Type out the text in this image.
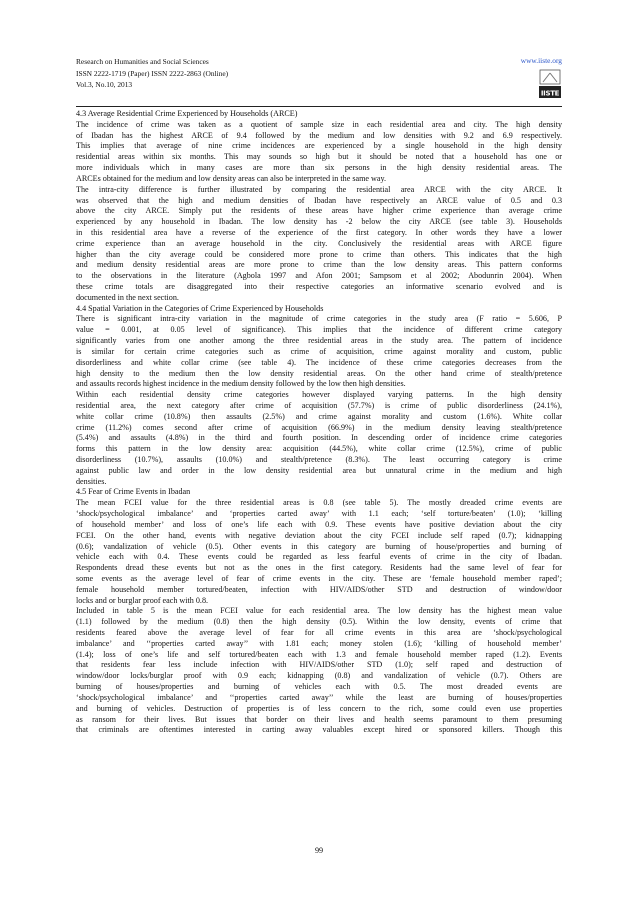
Research on Humanities and Social Sciences
ISSN 2222-1719 (Paper) ISSN 2222-2863 (Online)
Vol.3, No.10, 2013
www.iiste.org
IISTE
4.3 Average Residential Crime Experienced by Households (ARCE)
The incidence of crime was taken as a quotient of sample size in each residential area and city. The high density
of Ibadan has the highest ARCE of 9.4 followed by the medium and low densities with 9.2 and 6.9 respectively.
This implies that average of nine crime incidences are experienced by a single household in the high density
residential areas within six months. This may sounds so high but it should be noted that a household has one or
more individuals which in many cases are more than six persons in the high density residential areas. The
ARCEs obtained for the medium and low density areas can also be interpreted in the same way.
The intra-city difference is further illustrated by comparing the residential area ARCE with the city ARCE. It
was observed that the high and medium densities of Ibadan have respectively an ARCE value of 0.5 and 0.3
above the city ARCE. Simply put the residents of these areas have higher crime experience than average crime
experienced by any household in Ibadan. The low density has -2 below the city ARCE (see table 3). Households
in this residential area have a reverse of the experience of the first category. In other words they have a lower
crime experience than an average household in the city. Conclusively the residential areas with ARCE figure
higher than the city average could be considered more prone to crime than others. This indicates that the high
and medium density residential areas are more prone to crime than the low density areas. This pattern conforms
to the observations in the literature (Agbola 1997 and Afon 2001; Sampsom et al 2002; Abodunrin 2004). When
these crime totals are disaggregated into their respective categories an informative scenario evolved and is
documented in the next section.
4.4 Spatial Variation in the Categories of Crime Experienced by Households
There is significant intra-city variation in the magnitude of crime categories in the study area (F ratio = 5.606, P
value = 0.001, at 0.05 level of significance). This implies that the incidence of different crime category
significantly varies from one another among the three residential areas in the study area. The pattern of incidence
is similar for certain crime categories such as crime of acquisition, crime against morality and custom, public
disorderliness and white collar crime (see table 4). The incidence of these crime categories decreases from the
high density to the medium then the low density residential areas. On the other hand crime of stealth/pretence
and assaults records highest incidence in the medium density followed by the low then high densities.
Within each residential density crime categories however displayed varying patterns. In the high density
residential area, the next category after crime of acquisition (57.7%) is crime of public disorderliness (24.1%),
white collar crime (10.8%) then assaults (2.5%) and crime against morality and custom (1.6%). White collar
crime (11.2%) comes second after crime of acquisition (66.9%) in the medium density leaving stealth/pretence
(5.4%) and assaults (4.8%) in the third and fourth position. In descending order of incidence crime categories
forms this pattern in the low density area: acquisition (44.5%), white collar crime (12.5%), crime of public
disorderliness (10.7%), assaults (10.0%) and stealth/pretence (8.3%). The least occurring category is crime
against public law and order in the low density residential area but unnatural crime in the medium and high
densities.
4.5 Fear of Crime Events in Ibadan
The mean FCEI value for the three residential areas is 0.8 (see table 5). The mostly dreaded crime events are
‘shock/psychological imbalance’ and ‘properties carted away’ with 1.1 each; ‘self torture/beaten’ (1.0); ‘killing
of household member’ and loss of one’s life each with 0.9. These events have positive deviation about the city
FCEI. On the other hand, events with negative deviation about the city FCEI include self raped (0.7); kidnapping
(0.6); vandalization of vehicle (0.5). Other events in this category are burning of house/properties and burning of
vehicle each with 0.4. These events could be regarded as less fearful events of crime in the city of Ibadan.
Respondents dread these events but not as the ones in the first category. Residents had the same level of fear for
some events as the average level of fear of crime events in the city. These are ‘female household member raped’;
female household member tortured/beaten, infection with HIV/AIDS/other STD and destruction of window/door
locks and or burglar proof each with 0.8.
Included in table 5 is the mean FCEI value for each residential area. The low density has the highest mean value
(1.1) followed by the medium (0.8) then the high density (0.5). Within the low density, events of crime that
residents feared above the average level of fear for all crime events in this area are ‘shock/psychological
imbalance’ and ‘‘properties carted away’’ with 1.81 each; money stolen (1.6); ‘killing of household member’
(1.4); loss of one’s life and self tortured/beaten each with 1.3 and female household member raped (1.2). Events
that residents fear less include infection with HIV/AIDS/other STD (1.0); self raped and destruction of
window/door locks/burglar proof with 0.9 each; kidnapping (0.8) and vandalization of vehicle (0.7). Others are
burning of houses/properties and burning of vehicles each with 0.5. The most dreaded events are
‘shock/psychological imbalance’ and ‘‘properties carted away’’ while the least are burning of houses/properties
and burning of vehicles. Destruction of properties is of less concern to the rich, some could even use properties
as ransom for their lives. But issues that border on their lives and health seems paramount to them presuming
that criminals are oftentimes interested in carting away valuables except hired or sponsored killers. Though this
99
